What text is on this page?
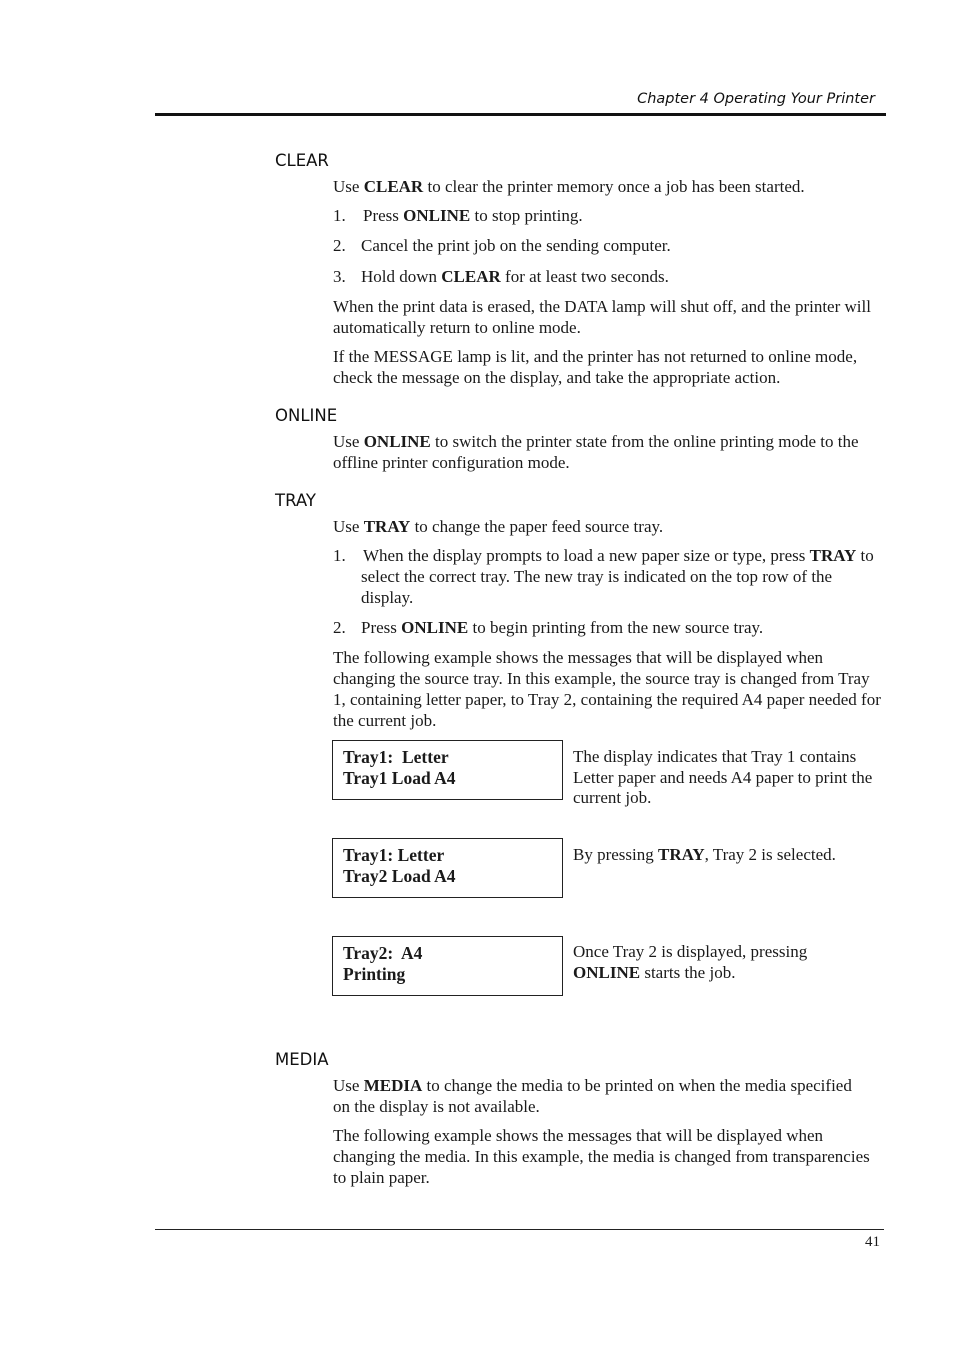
Chapter 4 Operating Your Printer
CLEAR

Use CLEAR to clear the printer memory once a job has been started.

1. Press ONLINE to stop printing.
2. Cancel the print job on the sending computer.
3. Hold down CLEAR for at least two seconds.

When the print data is erased, the DATA lamp will shut off, and the printer will automatically return to online mode.

If the MESSAGE lamp is lit, and the printer has not returned to online mode, check the message on the display, and take the appropriate action.

ONLINE

Use ONLINE to switch the printer state from the online printing mode to the offline printer configuration mode.

TRAY

Use TRAY to change the paper feed source tray.

1. When the display prompts to load a new paper size or type, press TRAY to select the correct tray. The new tray is indicated on the top row of the display.
2. Press ONLINE to begin printing from the new source tray.

The following example shows the messages that will be displayed when changing the source tray. In this example, the source tray is changed from Tray 1, containing letter paper, to Tray 2, containing the required A4 paper needed for the current job.

Tray1:  Letter
Tray1 Load A4
The display indicates that Tray 1 contains Letter paper and needs A4 paper to print the current job.
Tray1: Letter
Tray2 Load A4
By pressing TRAY, Tray 2 is selected.
Tray2:  A4
Printing
Once Tray 2 is displayed, pressing ONLINE starts the job.
MEDIA

Use MEDIA to change the media to be printed on when the media specified on the display is not available.

The following example shows the messages that will be displayed when changing the media. In this example, the media is changed from transparencies to plain paper.

41
